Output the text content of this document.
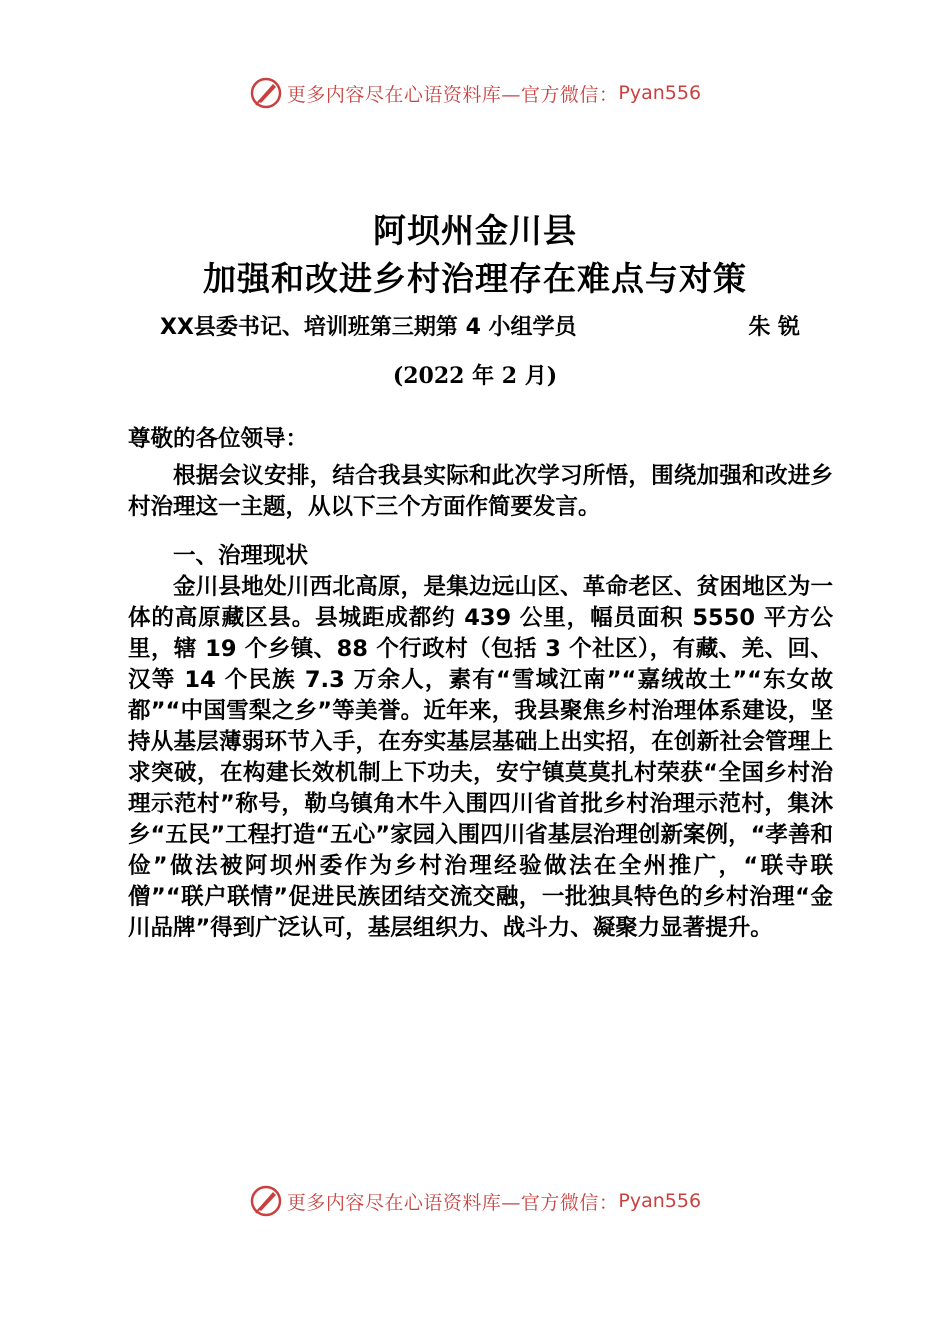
更多内容尽在心语资料库—官方微信： Pyan556
阿坝州金川县
加强和改进乡村治理存在难点与对策
XX县委书记、培训班第三期第 4 小组学员	朱 锐
(2022 年 2 月)

尊敬的各位领导：

根据会议安排，结合我县实际和此次学习所悟，围绕加强和改进乡村治理这一主题，从以下三个方面作简要发言。

一、治理现状

金川县地处川西北高原，是集边远山区、革命老区、贫困地区为一体的高原藏区县。县城距成都约 439 公里，幅员面积 5550 平方公里，辖 19 个乡镇、88 个行政村（包括 3 个社区），有藏、羌、回、汉等 14 个民族 7.3 万余人，素有“雪域江南”“嘉绒故土”“东女故都”“中国雪梨之乡”等美誉。近年来，我县聚焦乡村治理体系建设，坚持从基层薄弱环节入手，在夯实基层基础上出实招，在创新社会管理上求突破，在构建长效机制上下功夫，安宁镇莫莫扎村荣获“全国乡村治理示范村”称号，勒乌镇角木牛入围四川省首批乡村治理示范村，集沐乡“五民”工程打造“五心”家园入围四川省基层治理创新案例，“孝善和俭”做法被阿坝州委作为乡村治理经验做法在全州推广，“联寺联僧”“联户联情”促进民族团结交流交融，一批独具特色的乡村治理“金川品牌”得到广泛认可，基层组织力、战斗力、凝聚力显著提升。

更多内容尽在心语资料库—官方微信： Pyan556
